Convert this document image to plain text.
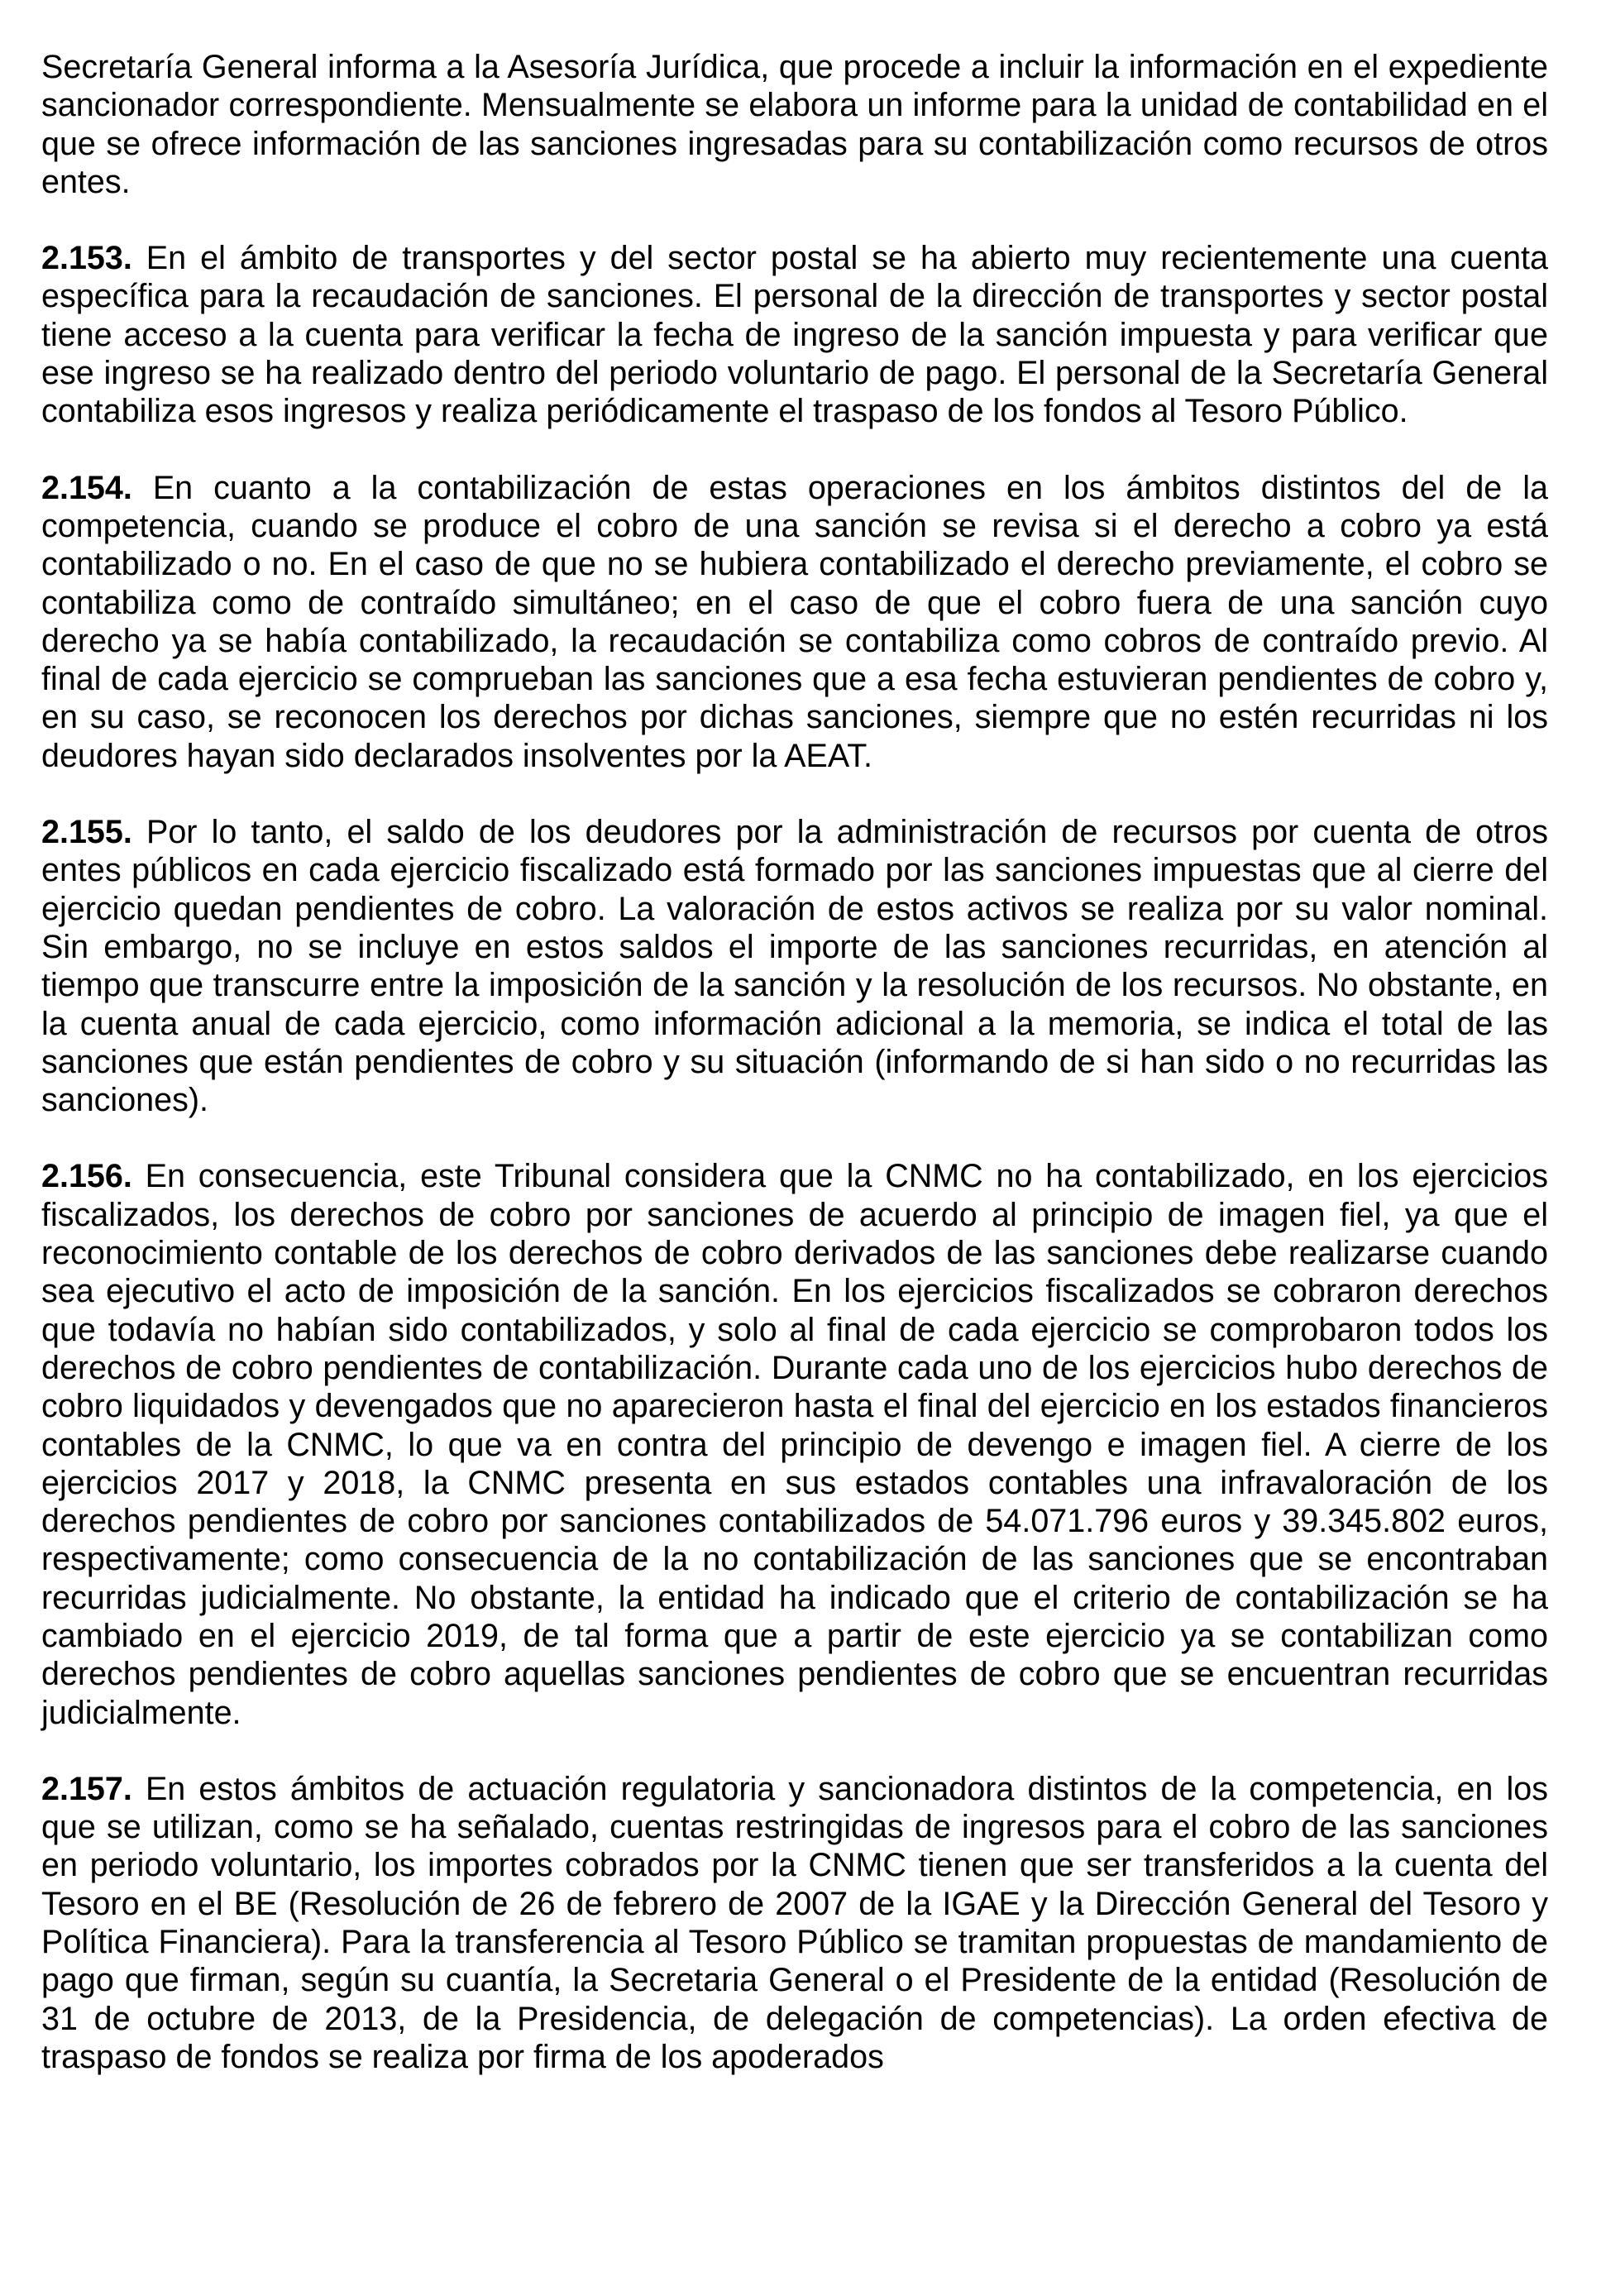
Secretaría General informa a la Asesoría Jurídica, que procede a incluir la información en el expediente sancionador correspondiente. Mensualmente se elabora un informe para la unidad de contabilidad en el que se ofrece información de las sanciones ingresadas para su contabilización como recursos de otros entes.

2.153. En el ámbito de transportes y del sector postal se ha abierto muy recientemente una cuenta específica para la recaudación de sanciones. El personal de la dirección de transportes y sector postal tiene acceso a la cuenta para verificar la fecha de ingreso de la sanción impuesta y para verificar que ese ingreso se ha realizado dentro del periodo voluntario de pago. El personal de la Secretaría General contabiliza esos ingresos y realiza periódicamente el traspaso de los fondos al Tesoro Público.

2.154. En cuanto a la contabilización de estas operaciones en los ámbitos distintos del de la competencia, cuando se produce el cobro de una sanción se revisa si el derecho a cobro ya está contabilizado o no. En el caso de que no se hubiera contabilizado el derecho previamente, el cobro se contabiliza como de contraído simultáneo; en el caso de que el cobro fuera de una sanción cuyo derecho ya se había contabilizado, la recaudación se contabiliza como cobros de contraído previo. Al final de cada ejercicio se comprueban las sanciones que a esa fecha estuvieran pendientes de cobro y, en su caso, se reconocen los derechos por dichas sanciones, siempre que no estén recurridas ni los deudores hayan sido declarados insolventes por la AEAT.

2.155. Por lo tanto, el saldo de los deudores por la administración de recursos por cuenta de otros entes públicos en cada ejercicio fiscalizado está formado por las sanciones impuestas que al cierre del ejercicio quedan pendientes de cobro. La valoración de estos activos se realiza por su valor nominal. Sin embargo, no se incluye en estos saldos el importe de las sanciones recurridas, en atención al tiempo que transcurre entre la imposición de la sanción y la resolución de los recursos. No obstante, en la cuenta anual de cada ejercicio, como información adicional a la memoria, se indica el total de las sanciones que están pendientes de cobro y su situación (informando de si han sido o no recurridas las sanciones).

2.156. En consecuencia, este Tribunal considera que la CNMC no ha contabilizado, en los ejercicios fiscalizados, los derechos de cobro por sanciones de acuerdo al principio de imagen fiel, ya que el reconocimiento contable de los derechos de cobro derivados de las sanciones debe realizarse cuando sea ejecutivo el acto de imposición de la sanción. En los ejercicios fiscalizados se cobraron derechos que todavía no habían sido contabilizados, y solo al final de cada ejercicio se comprobaron todos los derechos de cobro pendientes de contabilización. Durante cada uno de los ejercicios hubo derechos de cobro liquidados y devengados que no aparecieron hasta el final del ejercicio en los estados financieros contables de la CNMC, lo que va en contra del principio de devengo e imagen fiel. A cierre de los ejercicios 2017 y 2018, la CNMC presenta en sus estados contables una infravaloración de los derechos pendientes de cobro por sanciones contabilizados de 54.071.796 euros y 39.345.802 euros, respectivamente; como consecuencia de la no contabilización de las sanciones que se encontraban recurridas judicialmente. No obstante, la entidad ha indicado que el criterio de contabilización se ha cambiado en el ejercicio 2019, de tal forma que a partir de este ejercicio ya se contabilizan como derechos pendientes de cobro aquellas sanciones pendientes de cobro que se encuentran recurridas judicialmente.

2.157. En estos ámbitos de actuación regulatoria y sancionadora distintos de la competencia, en los que se utilizan, como se ha señalado, cuentas restringidas de ingresos para el cobro de las sanciones en periodo voluntario, los importes cobrados por la CNMC tienen que ser transferidos a la cuenta del Tesoro en el BE (Resolución de 26 de febrero de 2007 de la IGAE y la Dirección General del Tesoro y Política Financiera). Para la transferencia al Tesoro Público se tramitan propuestas de mandamiento de pago que firman, según su cuantía, la Secretaria General o el Presidente de la entidad (Resolución de 31 de octubre de 2013, de la Presidencia, de delegación de competencias). La orden efectiva de traspaso de fondos se realiza por firma de los apoderados
